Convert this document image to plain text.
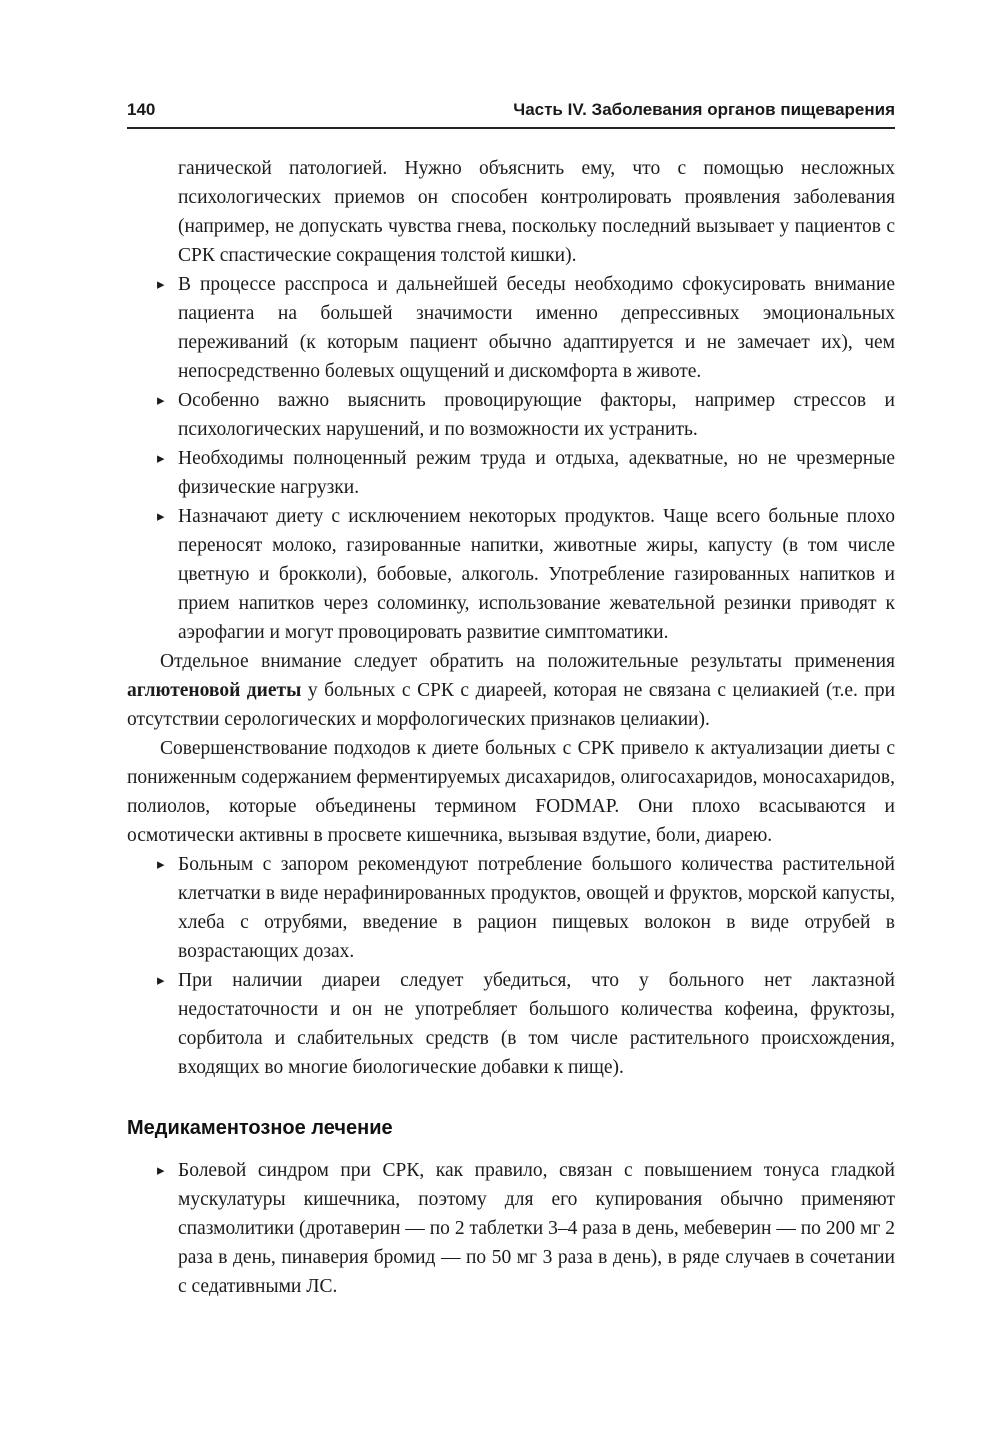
140	Часть IV. Заболевания органов пищеварения

ганической патологией. Нужно объяснить ему, что с помощью несложных психологических приемов он способен контролировать проявления заболевания (например, не допускать чувства гнева, поскольку последний вызывает у пациентов с СРК спастические сокращения толстой кишки).

▸ В процессе расспроса и дальнейшей беседы необходимо сфокусировать внимание пациента на большей значимости именно депрессивных эмоциональных переживаний (к которым пациент обычно адаптируется и не замечает их), чем непосредственно болевых ощущений и дискомфорта в животе.
▸ Особенно важно выяснить провоцирующие факторы, например стрессов и психологических нарушений, и по возможности их устранить.
▸ Необходимы полноценный режим труда и отдыха, адекватные, но не чрезмерные физические нагрузки.
▸ Назначают диету с исключением некоторых продуктов. Чаще всего больные плохо переносят молоко, газированные напитки, животные жиры, капусту (в том числе цветную и брокколи), бобовые, алкоголь. Употребление газированных напитков и прием напитков через соломинку, использование жевательной резинки приводят к аэрофагии и могут провоцировать развитие симптоматики.

Отдельное внимание следует обратить на положительные результаты применения аглютеновой диеты у больных с СРК с диареей, которая не связана с целиакией (т.е. при отсутствии серологических и морфологических признаков целиакии).

Совершенствование подходов к диете больных с СРК привело к актуализации диеты с пониженным содержанием ферментируемых дисахаридов, олигосахаридов, моносахаридов, полиолов, которые объединены термином FODMAP. Они плохо всасываются и осмотически активны в просвете кишечника, вызывая вздутие, боли, диарею.

▸ Больным с запором рекомендуют потребление большого количества растительной клетчатки в виде нерафинированных продуктов, овощей и фруктов, морской капусты, хлеба с отрубями, введение в рацион пищевых волокон в виде отрубей в возрастающих дозах.
▸ При наличии диареи следует убедиться, что у больного нет лактазной недостаточности и он не употребляет большого количества кофеина, фруктозы, сорбитола и слабительных средств (в том числе растительного происхождения, входящих во многие биологические добавки к пище).
Медикаментозное лечение
▸ Болевой синдром при СРК, как правило, связан с повышением тонуса гладкой мускулатуры кишечника, поэтому для его купирования обычно применяют спазмолитики (дротаверин — по 2 таблетки 3–4 раза в день, мебеверин — по 200 мг 2 раза в день, пинаверия бромид — по 50 мг 3 раза в день), в ряде случаев в сочетании с седативными ЛС.
